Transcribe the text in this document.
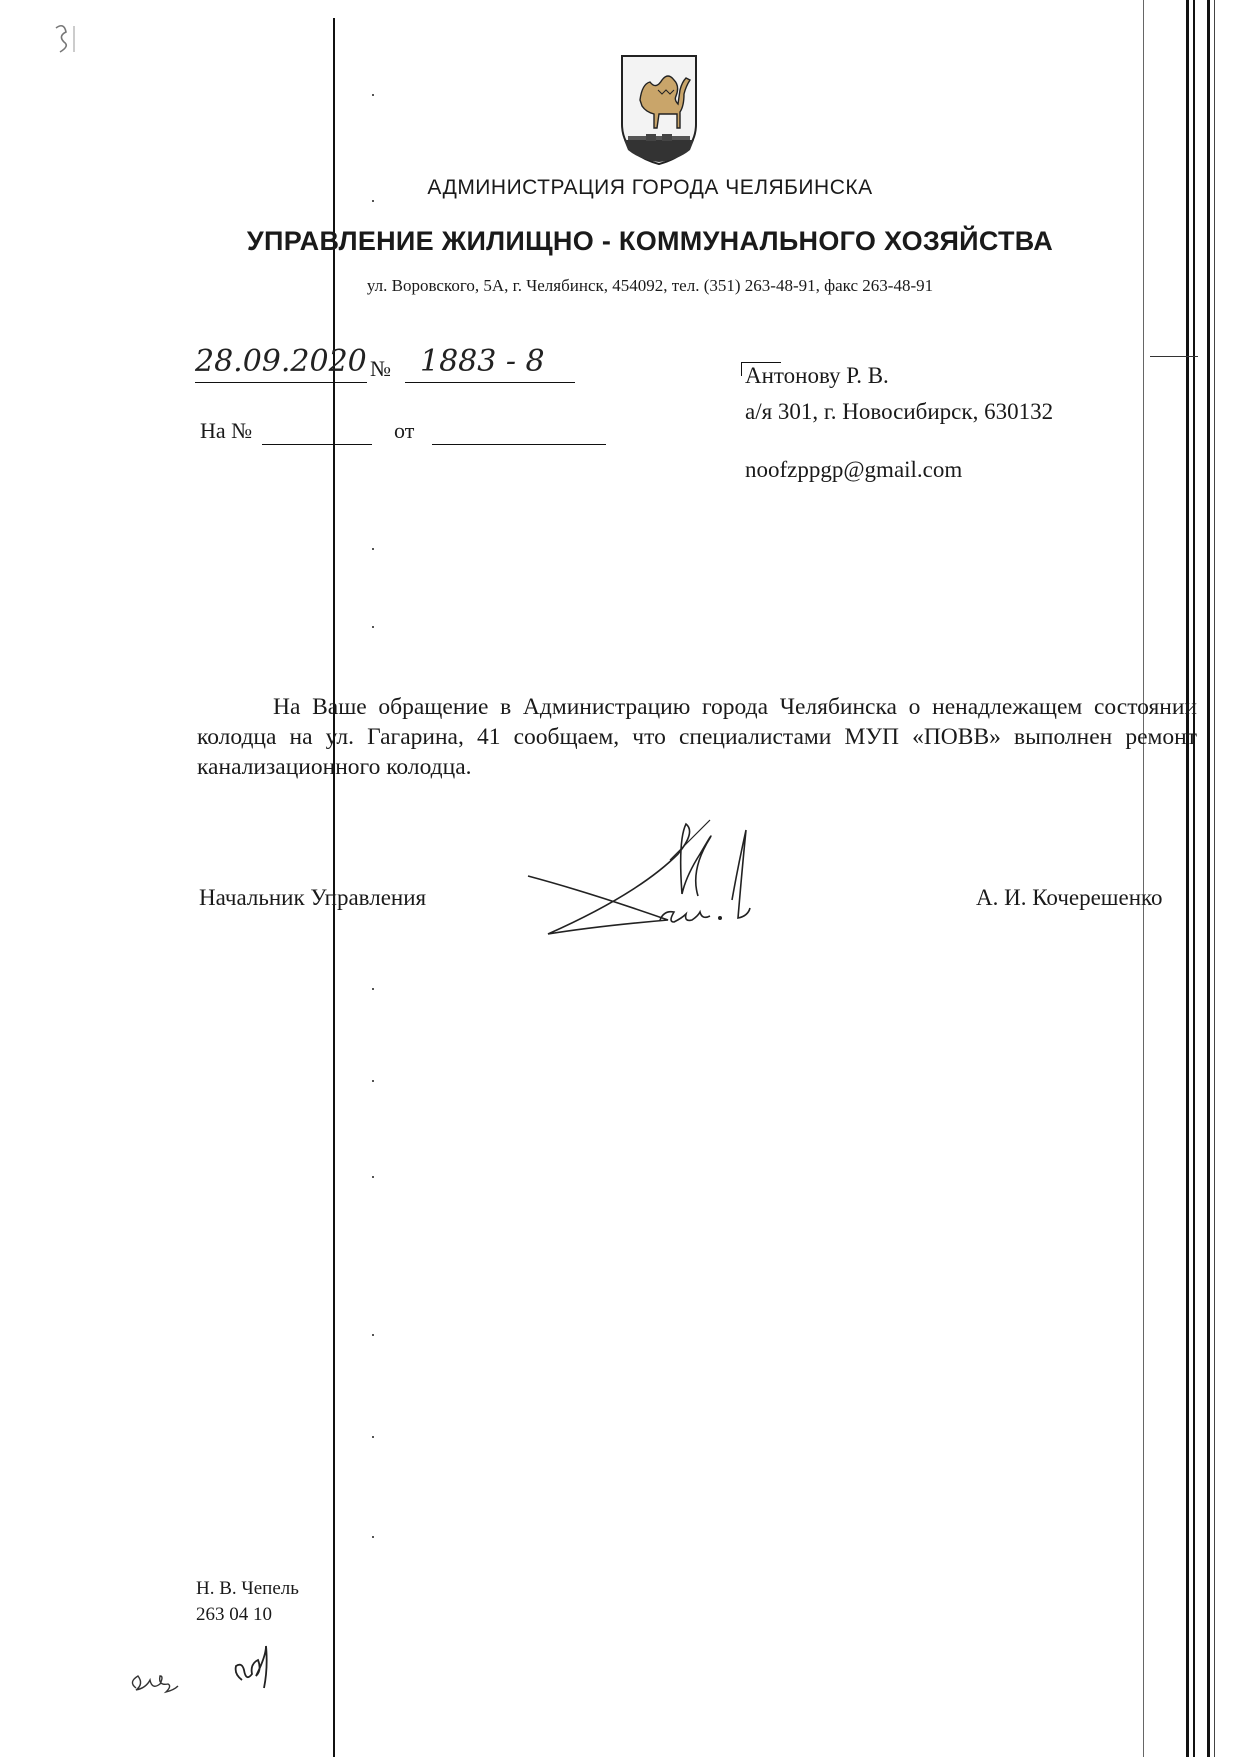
АДМИНИСТРАЦИЯ ГОРОДА ЧЕЛЯБИНСКА
УПРАВЛЕНИЕ ЖИЛИЩНО - КОММУНАЛЬНОГО ХОЗЯЙСТВА
ул. Воровского, 5А, г. Челябинск, 454092, тел. (351) 263-48-91, факс 263-48-91
28.09.2020 № 1883 - 8
На №	от
Антонову Р. В.
а/я 301, г. Новосибирск, 630132
noofzppgp@gmail.com
На Ваше обращение в Администрацию города Челябинска о ненадлежащем состоянии колодца на ул. Гагарина, 41 сообщаем, что специалистами МУП «ПОВВ» выполнен ремонт канализационного колодца.
Начальник Управления	А. И. Кочерешенко
Н. В. Чепель
263 04 10
